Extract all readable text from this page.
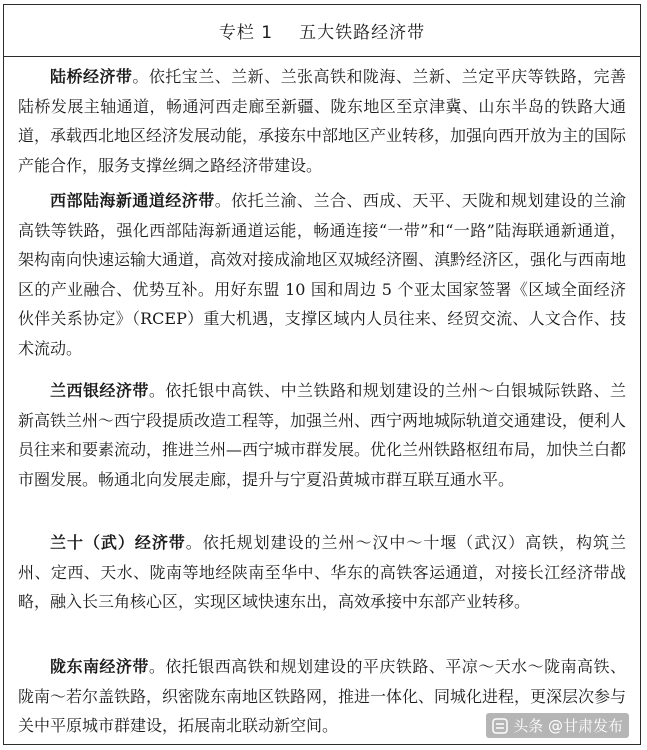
专栏 1 五大铁路经济带
陆桥经济带。依托宝兰、兰新、兰张高铁和陇海、兰新、兰定平庆等铁路，完善陆桥发展主轴通道，畅通河西走廊至新疆、陇东地区至京津冀、山东半岛的铁路大通道，承载西北地区经济发展动能，承接东中部地区产业转移，加强向西开放为主的国际产能合作，服务支撑丝绸之路经济带建设。
西部陆海新通道经济带。依托兰渝、兰合、西成、天平、天陇和规划建设的兰渝高铁等铁路，强化西部陆海新通道运能，畅通连接“一带”和“一路”陆海联通新通道，架构南向快速运输大通道，高效对接成渝地区双城经济圈、滇黔经济区，强化与西南地区的产业融合、优势互补。用好东盟 10 国和周边 5 个亚太国家签署《区域全面经济伙伴关系协定》（RCEP）重大机遇，支撑区域内人员往来、经贸交流、人文合作、技术流动。
兰西银经济带。依托银中高铁、中兰铁路和规划建设的兰州～白银城际铁路、兰新高铁兰州～西宁段提质改造工程等，加强兰州、西宁两地城际轨道交通建设，便利人员往来和要素流动，推进兰州—西宁城市群发展。优化兰州铁路枢纽布局，加快兰白都市圈发展。畅通北向发展走廊，提升与宁夏沿黄城市群互联互通水平。
兰十（武）经济带。依托规划建设的兰州～汉中～十堰（武汉）高铁，构筑兰州、定西、天水、陇南等地经陕南至华中、华东的高铁客运通道，对接长江经济带战略，融入长三角核心区，实现区域快速东出，高效承接中东部产业转移。
陇东南经济带。依托银西高铁和规划建设的平庆铁路、平凉～天水～陇南高铁、陇南～若尔盖铁路，织密陇东南地区铁路网，推进一体化、同城化进程，更深层次参与关中平原城市群建设，拓展南北联动新空间。	头条 @甘肃发布
